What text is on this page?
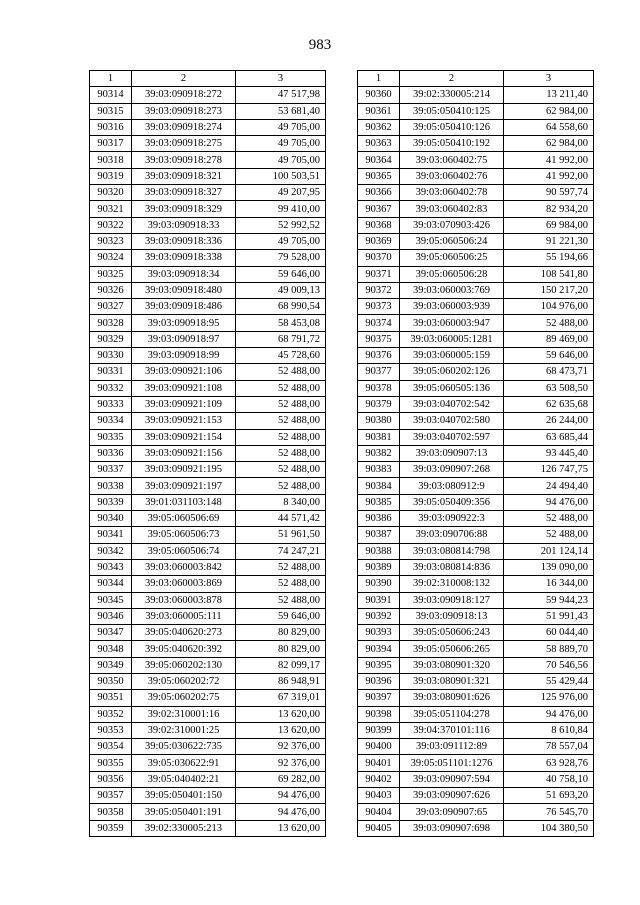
983
1	2	3
90314	39:03:090918:272	47 517,98
90315	39:03:090918:273	53 681,40
90316	39:03:090918:274	49 705,00
90317	39:03:090918:275	49 705,00
90318	39:03:090918:278	49 705,00
90319	39:03:090918:321	100 503,51
90320	39:03:090918:327	49 207,95
90321	39:03:090918:329	99 410,00
90322	39:03:090918:33	52 992,52
90323	39:03:090918:336	49 705,00
90324	39:03:090918:338	79 528,00
90325	39:03:090918:34	59 646,00
90326	39:03:090918:480	49 009,13
90327	39:03:090918:486	68 990,54
90328	39:03:090918:95	58 453,08
90329	39:03:090918:97	68 791,72
90330	39:03:090918:99	45 728,60
90331	39:03:090921:106	52 488,00
90332	39:03:090921:108	52 488,00
90333	39:03:090921:109	52 488,00
90334	39:03:090921:153	52 488,00
90335	39:03:090921:154	52 488,00
90336	39:03:090921:156	52 488,00
90337	39:03:090921:195	52 488,00
90338	39:03:090921:197	52 488,00
90339	39:01:031103:148	8 340,00
90340	39:05:060506:69	44 571,42
90341	39:05:060506:73	51 961,50
90342	39:05:060506:74	74 247,21
90343	39:03:060003:842	52 488,00
90344	39:03:060003:869	52 488,00
90345	39:03:060003:878	52 488,00
90346	39:03:060005:111	59 646,00
90347	39:05:040620:273	80 829,00
90348	39:05:040620:392	80 829,00
90349	39:05:060202:130	82 099,17
90350	39:05:060202:72	86 948,91
90351	39:05:060202:75	67 319,01
90352	39:02:310001:16	13 620,00
90353	39:02:310001:25	13 620,00
90354	39:05:030622:735	92 376,00
90355	39:05:030622:91	92 376,00
90356	39:05:040402:21	69 282,00
90357	39:05:050401:150	94 476,00
90358	39:05:050401:191	94 476,00
90359	39:02:330005:213	13 620,00
1	2	3
90360	39:02:330005:214	13 211,40
90361	39:05:050410:125	62 984,00
90362	39:05:050410:126	64 558,60
90363	39:05:050410:192	62 984,00
90364	39:03:060402:75	41 992,00
90365	39:03:060402:76	41 992,00
90366	39:03:060402:78	90 597,74
90367	39:03:060402:83	82 934,20
90368	39:03:070903:426	69 984,00
90369	39:05:060506:24	91 221,30
90370	39:05:060506:25	55 194,66
90371	39:05:060506:28	108 541,80
90372	39:03:060003:769	150 217,20
90373	39:03:060003:939	104 976,00
90374	39:03:060003:947	52 488,00
90375	39:03:060005:1281	89 469,00
90376	39:03:060005:159	59 646,00
90377	39:05:060202:126	68 473,71
90378	39:05:060505:136	63 508,50
90379	39:03:040702:542	62 635,68
90380	39:03:040702:580	26 244,00
90381	39:03:040702:597	63 685,44
90382	39:03:090907:13	93 445,40
90383	39:03:090907:268	126 747,75
90384	39:03:080912:9	24 494,40
90385	39:05:050409:356	94 476,00
90386	39:03:090922:3	52 488,00
90387	39:03:090706:88	52 488,00
90388	39:03:080814:798	201 124,14
90389	39:03:080814:836	139 090,00
90390	39:02:310008:132	16 344,00
90391	39:03:090918:127	59 944,23
90392	39:03:090918:13	51 991,43
90393	39:05:050606:243	60 044,40
90394	39:05:050606:265	58 889,70
90395	39:03:080901:320	70 546,56
90396	39:03:080901:321	55 429,44
90397	39:03:080901:626	125 976,00
90398	39:05:051104:278	94 476,00
90399	39:04:370101:116	8 610,84
90400	39:03:091112:89	78 557,04
90401	39:05:051101:1276	63 928,76
90402	39:03:090907:594	40 758,10
90403	39:03:090907:626	51 693,20
90404	39:03:090907:65	76 545,70
90405	39:03:090907:698	104 380,50
